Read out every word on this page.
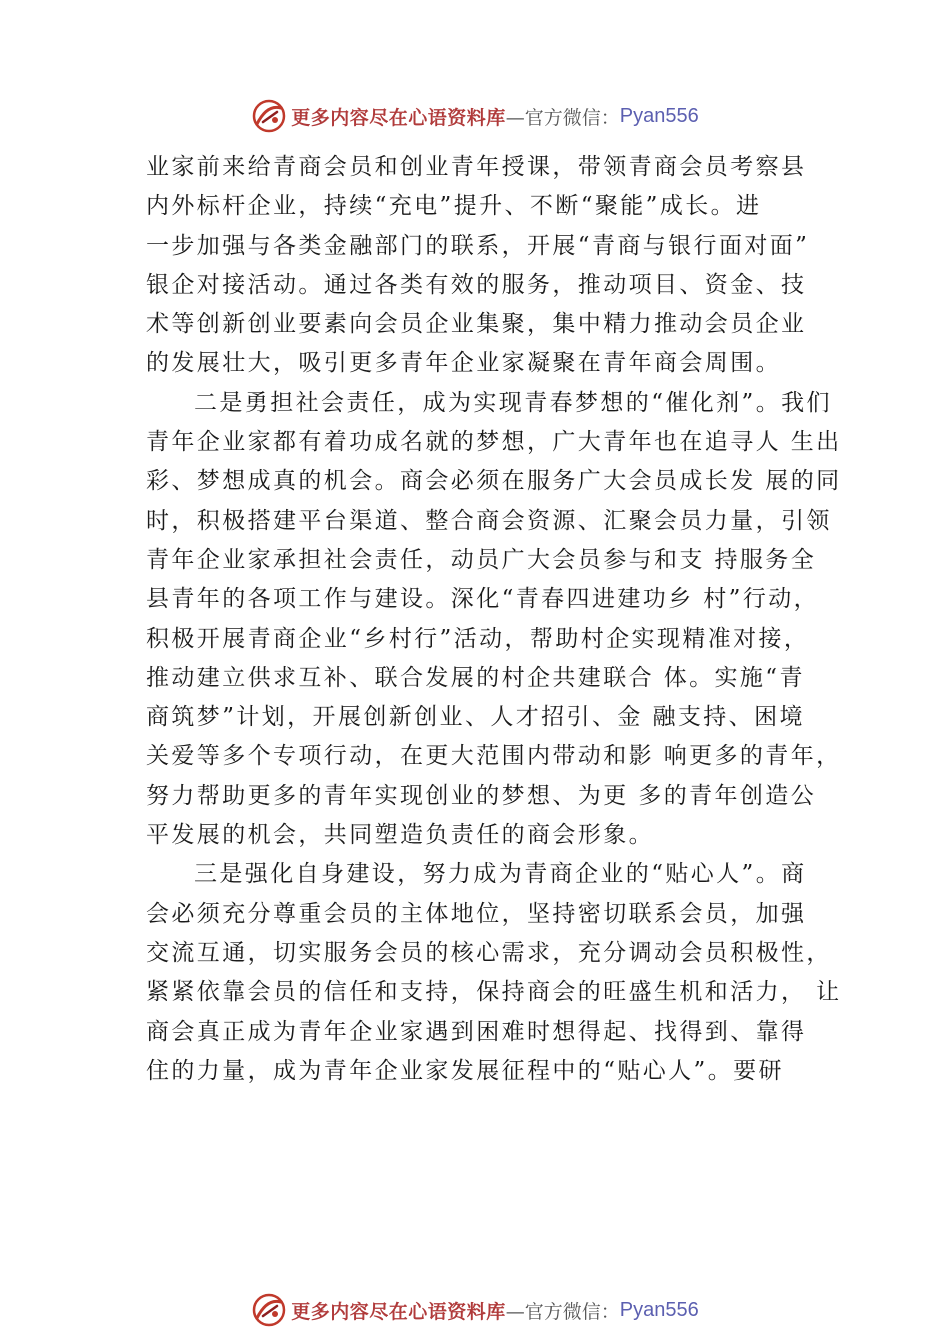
更多内容尽在心语资料库 —官方微信： Pyan556
业家前来给青商会员和创业青年授课，带领青商会员考察县
内外标杆企业，持续“充电”提升、不断“聚能”成长。进
一步加强与各类金融部门的联系，开展“青商与银行面对面”
银企对接活动。通过各类有效的服务，推动项目、资金、技
术等创新创业要素向会员企业集聚，集中精力推动会员企业
的发展壮大，吸引更多青年企业家凝聚在青年商会周围。
二是勇担社会责任，成为实现青春梦想的“催化剂”。我们
青年企业家都有着功成名就的梦想，广大青年也在追寻人 生出
彩、梦想成真的机会。商会必须在服务广大会员成长发 展的同
时，积极搭建平台渠道、整合商会资源、汇聚会员力量，引领
青年企业家承担社会责任，动员广大会员参与和支 持服务全
县青年的各项工作与建设。深化“青春四进建功乡 村”行动，
积极开展青商企业“乡村行”活动，帮助村企实现精准对接，
推动建立供求互补、联合发展的村企共建联合 体。实施“青
商筑梦”计划，开展创新创业、人才招引、金 融支持、困境
关爱等多个专项行动，在更大范围内带动和影 响更多的青年，
努力帮助更多的青年实现创业的梦想、为更 多的青年创造公
平发展的机会，共同塑造负责任的商会形象。
三是强化自身建设，努力成为青商企业的“贴心人”。商
会必须充分尊重会员的主体地位，坚持密切联系会员，加强
交流互通，切实服务会员的核心需求，充分调动会员积极性，
紧紧依靠会员的信任和支持，保持商会的旺盛生机和活力， 让
商会真正成为青年企业家遇到困难时想得起、找得到、靠得
住的力量，成为青年企业家发展征程中的“贴心人”。要研
更多内容尽在心语资料库 —官方微信： Pyan556
